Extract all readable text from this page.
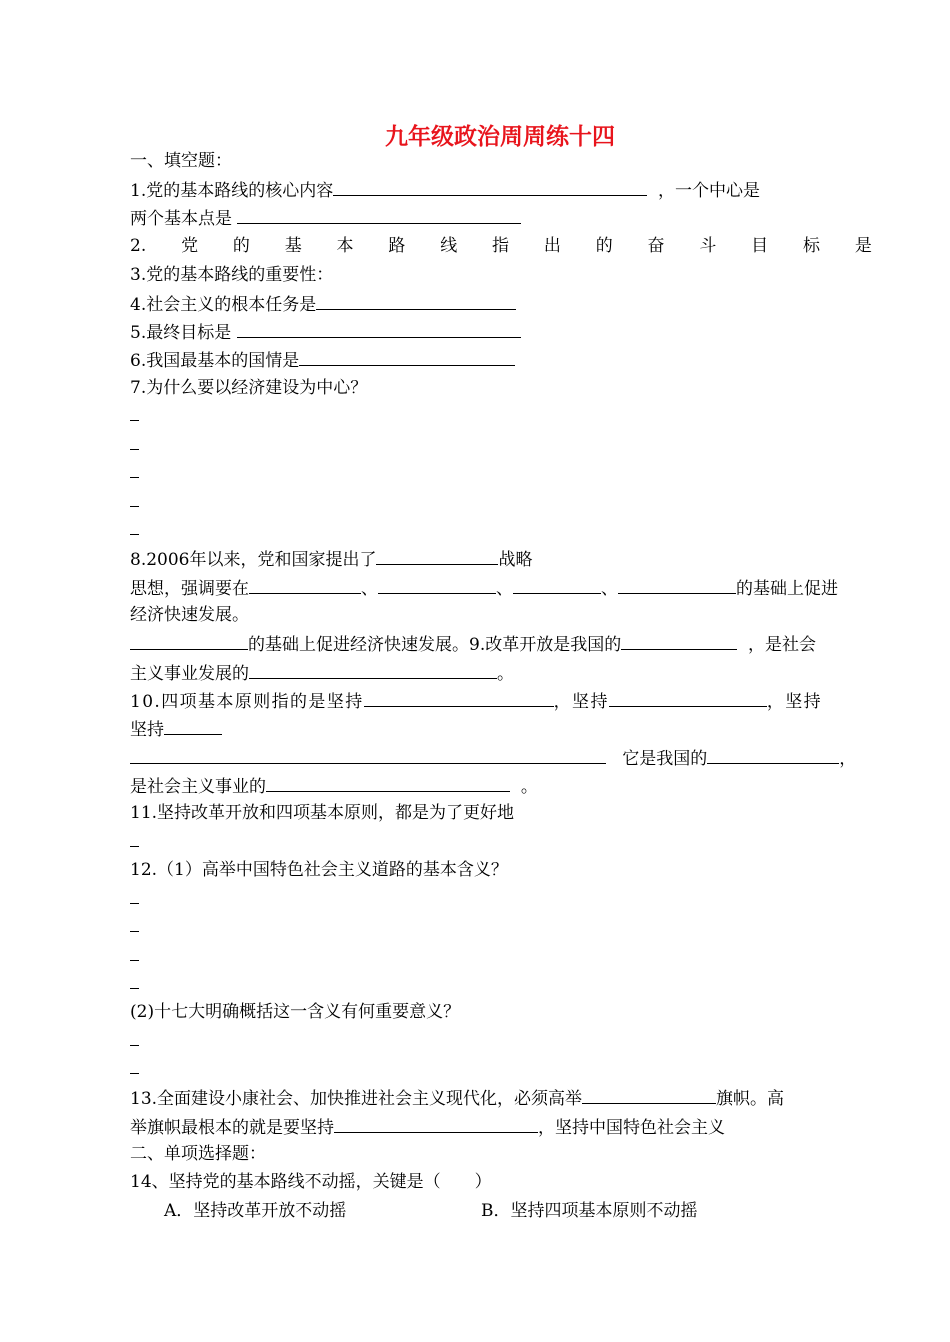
九年级政治周周练十四
一、填空题：
1.党的基本路线的核心内容	，一个中心是
两个基本点是
2. 党 的 基 本 路 线 指 出 的 奋 斗 目 标 是
3.党的基本路线的重要性：
4.社会主义的根本任务是
5.最终目标是
6.我国最基本的国情是
7.为什么要以经济建设为中心？
8.2006年以来，党和国家提出了	战略
思想，强调要在	、	、	、	的基础上促进
经济快速发展。
的基础上促进经济快速发展。9.改革开放是我国的	，是社会
主义事业发展的	。
10.四项基本原则指的是坚持	，坚持	，坚持
坚持
它是我国的	，
是社会主义事业的	。
11.坚持改革开放和四项基本原则，都是为了更好地
12.（1）高举中国特色社会主义道路的基本含义？
(2)十七大明确概括这一含义有何重要意义？
13.全面建设小康社会、加快推进社会主义现代化，必须高举	旗帜。高
举旗帜最根本的就是要坚持	，坚持中国特色社会主义
二、单项选择题：
14、坚持党的基本路线不动摇，关键是（　　）
A．坚持改革开放不动摇	B．坚持四项基本原则不动摇
